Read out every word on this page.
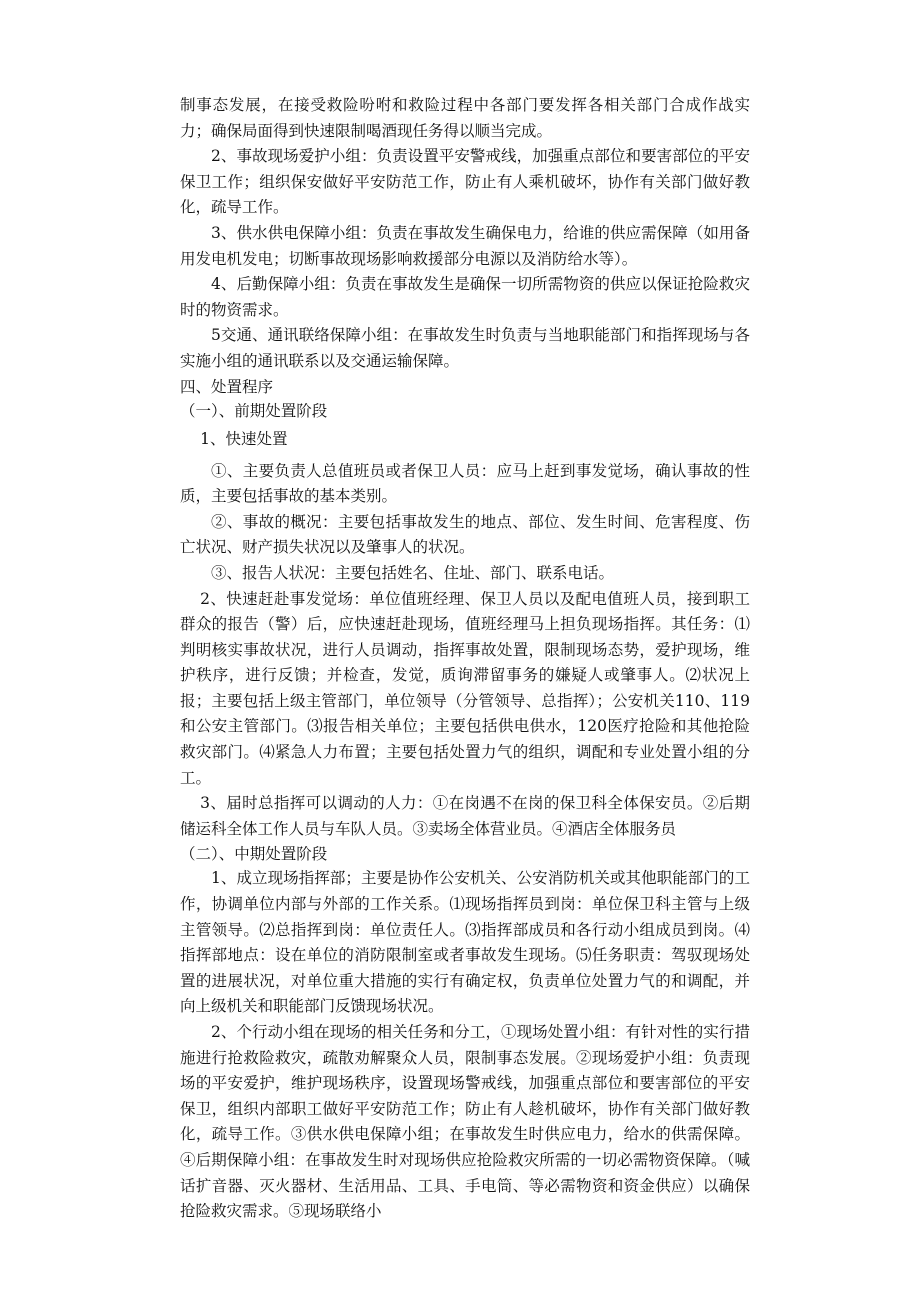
制事态发展，在接受救险吩咐和救险过程中各部门要发挥各相关部门合成作战实力；确保局面得到快速限制喝酒现任务得以顺当完成。

2、事故现场爱护小组：负责设置平安警戒线，加强重点部位和要害部位的平安保卫工作；组织保安做好平安防范工作，防止有人乘机破坏，协作有关部门做好教化，疏导工作。

3、供水供电保障小组：负责在事故发生确保电力，给谁的供应需保障（如用备用发电机发电；切断事故现场影响救援部分电源以及消防给水等）。

4、后勤保障小组：负责在事故发生是确保一切所需物资的供应以保证抢险救灾时的物资需求。

5交通、通讯联络保障小组：在事故发生时负责与当地职能部门和指挥现场与各实施小组的通讯联系以及交通运输保障。

四、处置程序

（一）、前期处置阶段

1、快速处置

①、主要负责人总值班员或者保卫人员：应马上赶到事发觉场，确认事故的性质，主要包括事故的基本类别。

②、事故的概况：主要包括事故发生的地点、部位、发生时间、危害程度、伤亡状况、财产损失状况以及肇事人的状况。

③、报告人状况：主要包括姓名、住址、部门、联系电话。

2、快速赶赴事发觉场：单位值班经理、保卫人员以及配电值班人员，接到职工群众的报告（警）后，应快速赶赴现场，值班经理马上担负现场指挥。其任务：⑴判明核实事故状况，进行人员调动，指挥事故处置，限制现场态势，爱护现场，维护秩序，进行反馈；并检查，发觉，质询滞留事务的嫌疑人或肇事人。⑵状况上报；主要包括上级主管部门，单位领导（分管领导、总指挥）；公安机关110、119和公安主管部门。⑶报告相关单位；主要包括供电供水，120医疗抢险和其他抢险救灾部门。⑷紧急人力布置；主要包括处置力气的组织，调配和专业处置小组的分工。

3、届时总指挥可以调动的人力：①在岗遇不在岗的保卫科全体保安员。②后期储运科全体工作人员与车队人员。③卖场全体营业员。④酒店全体服务员

（二）、中期处置阶段

1、成立现场指挥部；主要是协作公安机关、公安消防机关或其他职能部门的工作，协调单位内部与外部的工作关系。⑴现场指挥员到岗：单位保卫科主管与上级主管领导。⑵总指挥到岗：单位责任人。⑶指挥部成员和各行动小组成员到岗。⑷指挥部地点：设在单位的消防限制室或者事故发生现场。⑸任务职责：驾驭现场处置的进展状况，对单位重大措施的实行有确定权，负责单位处置力气的和调配，并向上级机关和职能部门反馈现场状况。

2、个行动小组在现场的相关任务和分工，①现场处置小组：有针对性的实行措施进行抢救险救灾，疏散劝解聚众人员，限制事态发展。②现场爱护小组：负责现场的平安爱护，维护现场秩序，设置现场警戒线，加强重点部位和要害部位的平安保卫，组织内部职工做好平安防范工作；防止有人趁机破坏，协作有关部门做好教化，疏导工作。③供水供电保障小组；在事故发生时供应电力，给水的供需保障。④后期保障小组：在事故发生时对现场供应抢险救灾所需的一切必需物资保障。（喊话扩音器、灭火器材、生活用品、工具、手电筒、等必需物资和资金供应）以确保抢险救灾需求。⑤现场联络小
